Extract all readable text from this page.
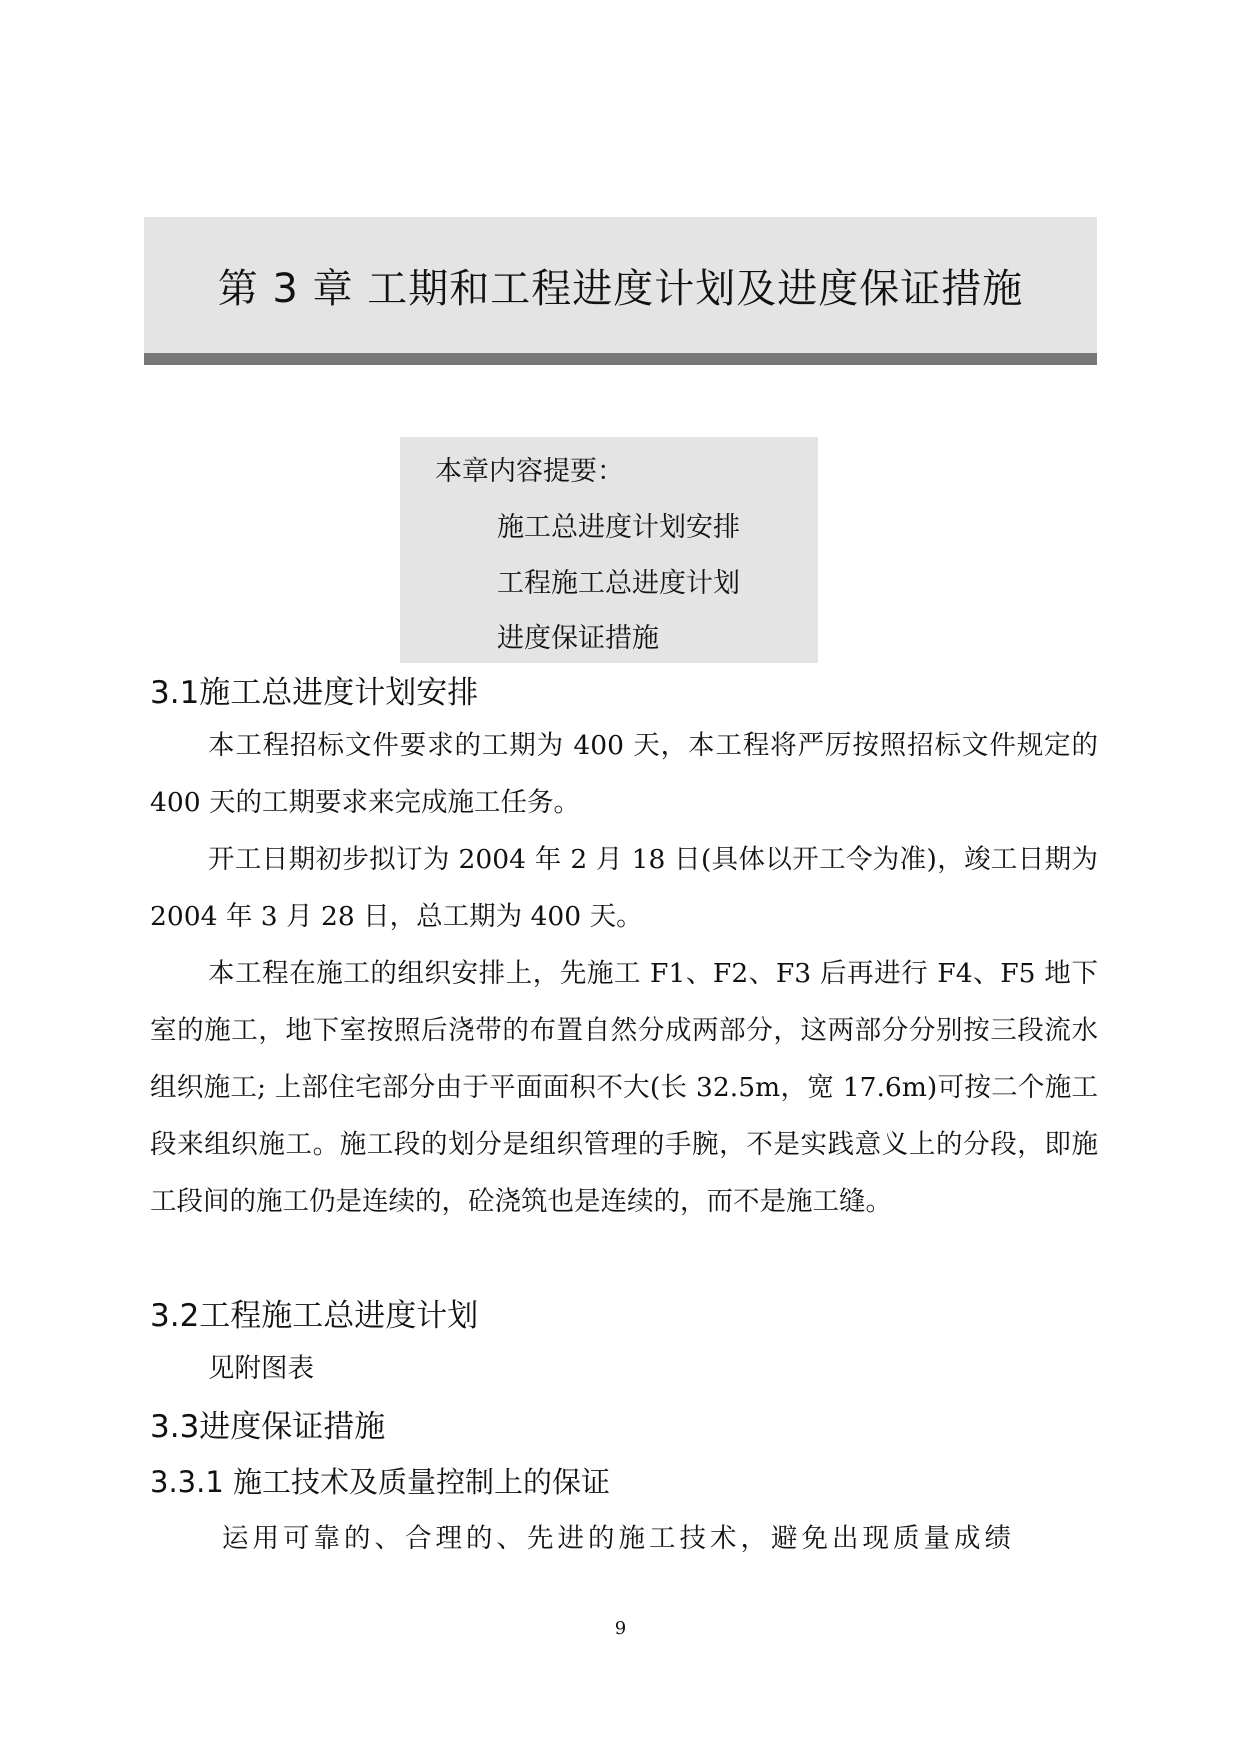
第 3 章 工期和工程进度计划及进度保证措施
本章内容提要：
施工总进度计划安排
工程施工总进度计划
进度保证措施
3.1施工总进度计划安排

本工程招标文件要求的工期为 400 天，本工程将严厉按照招标文件规定的 400 天的工期要求来完成施工任务。

开工日期初步拟订为 2004 年 2 月 18 日(具体以开工令为准)，竣工日期为 2004 年 3 月 28 日，总工期为 400 天。

本工程在施工的组织安排上，先施工 F1、F2、F3 后再进行 F4、F5 地下室的施工，地下室按照后浇带的布置自然分成两部分，这两部分分别按三段流水组织施工; 上部住宅部分由于平面面积不大(长 32.5m，宽 17.6m)可按二个施工段来组织施工。施工段的划分是组织管理的手腕，不是实践意义上的分段，即施工段间的施工仍是连续的，砼浇筑也是连续的，而不是施工缝。

3.2工程施工总进度计划

见附图表

3.3进度保证措施
3.3.1 施工技术及质量控制上的保证

运用可靠的、合理的、先进的施工技术，避免出现质量成绩

9
